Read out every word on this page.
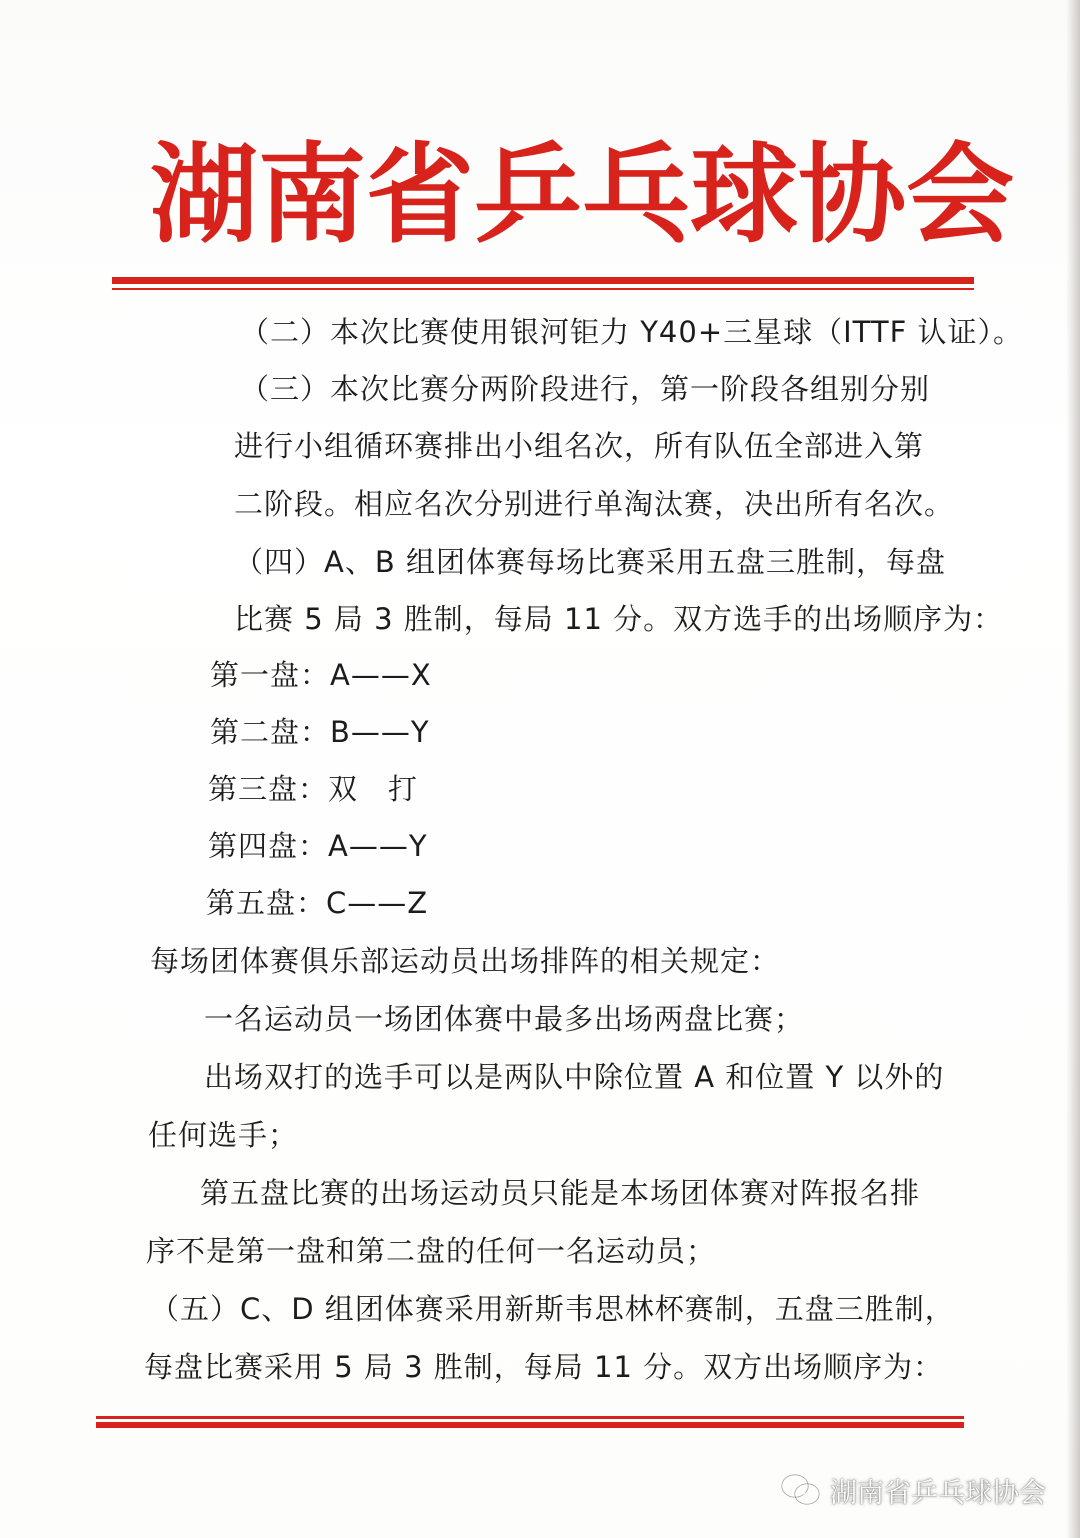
湖 南 省 乒 乓 球 协 会
（二）本次比赛使用银河钜力 Y40+三星球（ITTF 认证）。
（三）本次比赛分两阶段进行，第一阶段各组别分别
进行小组循环赛排出小组名次，所有队伍全部进入第
二阶段。相应名次分别进行单淘汰赛，决出所有名次。
（四）A、B 组团体赛每场比赛采用五盘三胜制，每盘
比赛 5 局 3 胜制，每局 11 分。双方选手的出场顺序为：
第一盘：A——X
第二盘：B——Y
第三盘：双　打
第四盘：A——Y
第五盘：C——Z
每场团体赛俱乐部运动员出场排阵的相关规定：
一名运动员一场团体赛中最多出场两盘比赛；
出场双打的选手可以是两队中除位置 A 和位置 Y 以外的
任何选手；
第五盘比赛的出场运动员只能是本场团体赛对阵报名排
序不是第一盘和第二盘的任何一名运动员；
（五）C、D 组团体赛采用新斯韦思林杯赛制，五盘三胜制，
每盘比赛采用 5 局 3 胜制，每局 11 分。双方出场顺序为：
湖南省乒乓球协会
